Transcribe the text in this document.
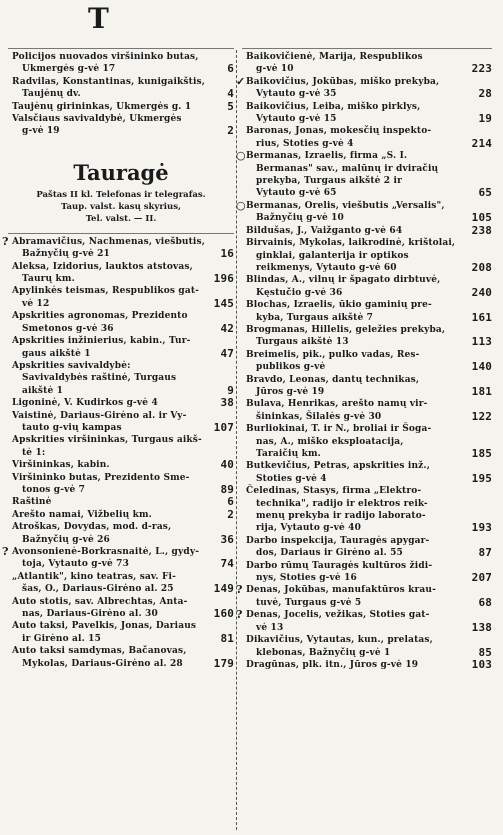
T
Policijos nuovados viršininko butas,
Ukmergės g-vė 17	6
Radvilas, Konstantinas, kunigaikštis,
Taujėnų dv.	4
Taujėnų girininkas, Ukmergės g. 1	5
Valsčiaus savivaldybė, Ukmergės
g-vė 19	2
Tauragė
Paštas II kl. Telefonas ir telegrafas.
Taup. valst. kasų skyrius,
Tel. valst. — II.
? Abramavičius, Nachmenas, viešbutis,
Bažnyčių g-vė 21	16
Aleksa, Izidorius, lauktos atstovas,
Taurų km.	196
Apylinkės teismas, Respublikos gat-
vė 12	145
Apskrities agronomas, Prezidento
Smetonos g-vė 36	42
Apskrities inžinierius, kabin., Tur-
gaus aikštė 1	47
Apskrities savivaldybė:
Savivaldybės raštinė, Turgaus
aikštė 1	9
Ligoninė, V. Kudirkos g-vė 4	38
Vaistinė, Dariaus-Girėno al. ir Vy-
tauto g-vių kampas	107
Apskrities viršininkas, Turgaus aikš-
tė 1:
Viršininkas, kabin.	40
Viršininko butas, Prezidento Sme-
tonos g-vė 7	89
Raštinė	6
Arešto namai, Vižbelių km.	2
Atroškas, Dovydas, mod. d-ras,
Bažnyčių g-vė 26	36
? Avonsonienė-Borkrasnaitė, L., gydy-
toja, Vytauto g-vė 73	74
„Atlantik", kino teatras, sav. Fi-
šas, O., Dariaus-Girėno al. 25	149
Auto stotis, sav. Albrechtas, Anta-
nas, Dariaus-Girėno al. 30	160
Auto taksi, Pavelkis, Jonas, Dariaus
ir Girėno al. 15	81
Auto taksi samdymas, Bačanovas,
Mykolas, Dariaus-Girėno al. 28	179
Baikovičienė, Marija, Respublikos
g-vė 10	223
✓ Baikovičius, Jokūbas, miško prekyba,
Vytauto g-vė 35	28
Baikovičius, Leiba, miško pirklys,
Vytauto g-vė 15	19
Baronas, Jonas, mokesčių inspekto-
rius, Stoties g-vė 4	214
○ Bermanas, Izraelis, firma „S. I.
Bermanas" sav., malūnų ir dviračių
prekyba, Turgaus aikštė 2 ir
Vytauto g-vė 65	65
○ Bermanas, Orelis, viešbutis „Versalis",
Bažnyčių g-vė 10	105
Bildušas, J., Vaižganto g-vė 64	238
Birvainis, Mykolas, laikrodinė, krištolai,
ginklai, galanterija ir optikos
reikmenys, Vytauto g-vė 60	208
Blindas, A., vilnų ir špagato dirbtuvė,
Kęstučio g-vė 36	240
Blochas, Izraelis, ūkio gaminių pre-
kyba, Turgaus aikštė 7	161
Brogmanas, Hillelis, geležies prekyba,
Turgaus aikštė 13	113
Breimelis, pik., pulko vadas, Res-
publikos g-vė	140
Bravdo, Leonas, dantų technikas,
Jūros g-vė 19	181
Bulava, Henrikas, arešto namų vir-
šininkas, Šilalės g-vė 30	122
Burliokinai, T. ir N., broliai ir Šoga-
nas, A., miško eksploatacija,
Taraičių km.	185
Butkevičius, Petras, apskrities inž.,
Stoties g-vė 4	195
Čeledinas, Stasys, firma „Elektro-
technika", radijo ir elektros reik-
menų prekyba ir radijo laborato-
rija, Vytauto g-vė 40	193
Darbo inspekcija, Tauragės apygar-
dos, Dariaus ir Girėno al. 55	87
Darbo rūmų Tauragės kultūros židi-
nys, Stoties g-vė 16	207
? Denas, Jokūbas, manufaktūros krau-
tuvė, Turgaus g-vė 5	68
? Denas, Jocelis, vežikas, Stoties gat-
vė 13	138
Dikavičius, Vytautas, kun., prelatas,
klebonas, Bažnyčių g-vė 1	85
Dragūnas, plk. itn., Jūros g-vė 19	103
